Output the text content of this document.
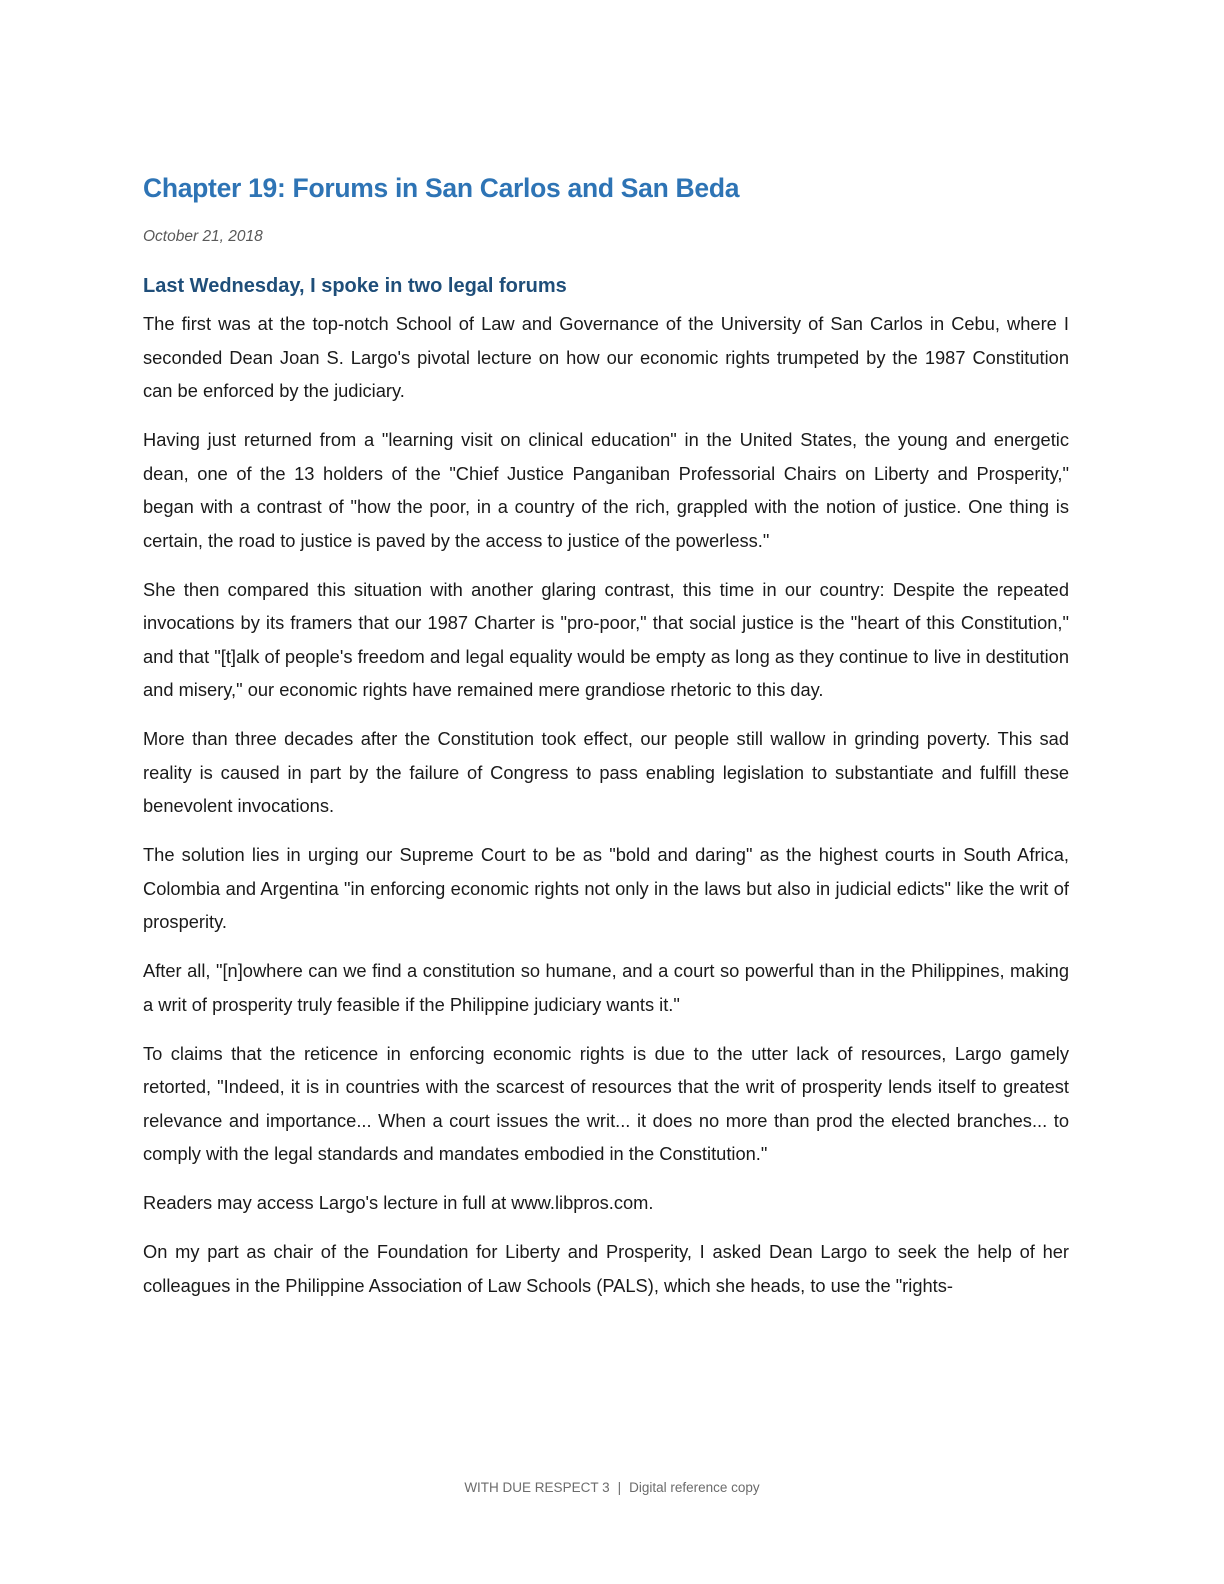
Chapter 19: Forums in San Carlos and San Beda
October 21, 2018
Last Wednesday, I spoke in two legal forums

The first was at the top-notch School of Law and Governance of the University of San Carlos in Cebu, where I seconded Dean Joan S. Largo's pivotal lecture on how our economic rights trumpeted by the 1987 Constitution can be enforced by the judiciary.

Having just returned from a "learning visit on clinical education" in the United States, the young and energetic dean, one of the 13 holders of the "Chief Justice Panganiban Professorial Chairs on Liberty and Prosperity," began with a contrast of "how the poor, in a country of the rich, grappled with the notion of justice. One thing is certain, the road to justice is paved by the access to justice of the powerless."

She then compared this situation with another glaring contrast, this time in our country: Despite the repeated invocations by its framers that our 1987 Charter is "pro-poor," that social justice is the "heart of this Constitution," and that "[t]alk of people's freedom and legal equality would be empty as long as they continue to live in destitution and misery," our economic rights have remained mere grandiose rhetoric to this day.

More than three decades after the Constitution took effect, our people still wallow in grinding poverty. This sad reality is caused in part by the failure of Congress to pass enabling legislation to substantiate and fulfill these benevolent invocations.

The solution lies in urging our Supreme Court to be as "bold and daring" as the highest courts in South Africa, Colombia and Argentina "in enforcing economic rights not only in the laws but also in judicial edicts" like the writ of prosperity.

After all, "[n]owhere can we find a constitution so humane, and a court so powerful than in the Philippines, making a writ of prosperity truly feasible if the Philippine judiciary wants it."

To claims that the reticence in enforcing economic rights is due to the utter lack of resources, Largo gamely retorted, "Indeed, it is in countries with the scarcest of resources that the writ of prosperity lends itself to greatest relevance and importance... When a court issues the writ... it does no more than prod the elected branches... to comply with the legal standards and mandates embodied in the Constitution."

Readers may access Largo's lecture in full at www.libpros.com.

On my part as chair of the Foundation for Liberty and Prosperity, I asked Dean Largo to seek the help of her colleagues in the Philippine Association of Law Schools (PALS), which she heads, to use the "rights-

WITH DUE RESPECT 3 | Digital reference copy
